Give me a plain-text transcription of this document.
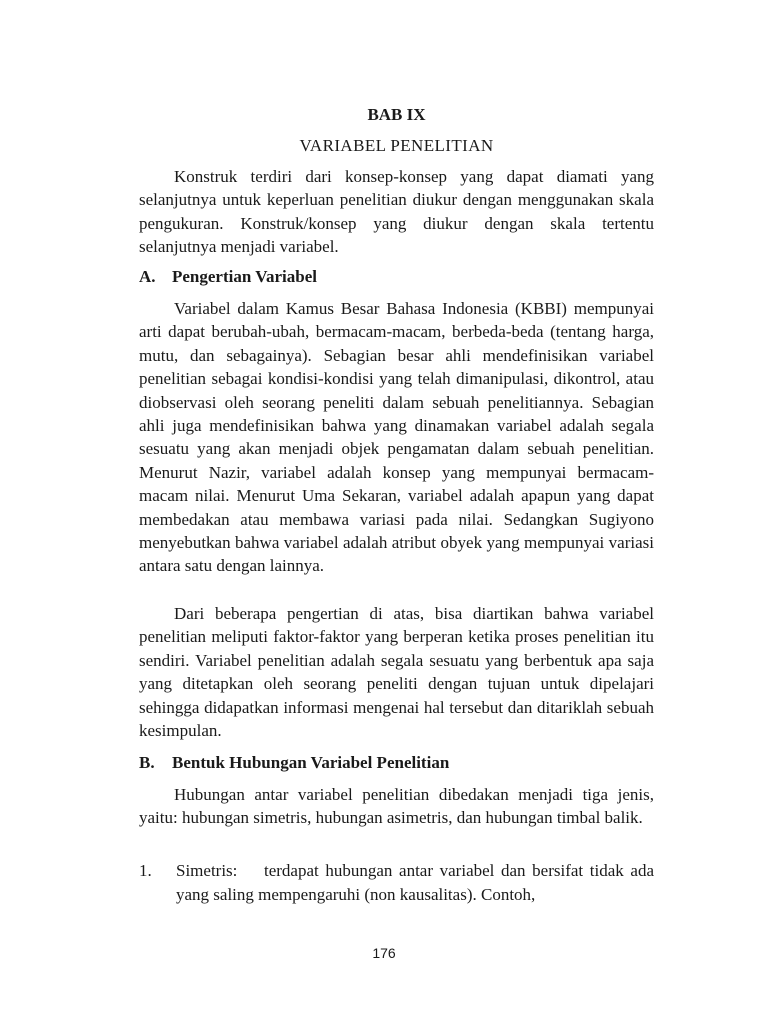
BAB IX
VARIABEL PENELITIAN

Konstruk terdiri dari konsep-konsep yang dapat diamati yang selanjutnya untuk keperluan penelitian diukur dengan menggunakan skala pengukuran. Konstruk/konsep yang diukur dengan skala tertentu selanjutnya menjadi variabel.

A. Pengertian Variabel

Variabel dalam Kamus Besar Bahasa Indonesia (KBBI) mempunyai arti dapat berubah-ubah, bermacam-macam, berbeda-beda (tentang harga, mutu, dan sebagainya). Sebagian besar ahli mendefinisikan variabel penelitian sebagai kondisi-kondisi yang telah dimanipulasi, dikontrol, atau diobservasi oleh seorang peneliti dalam sebuah penelitiannya. Sebagian ahli juga mendefinisikan bahwa yang dinamakan variabel adalah segala sesuatu yang akan menjadi objek pengamatan dalam sebuah penelitian. Menurut Nazir, variabel adalah konsep yang mempunyai bermacam-macam nilai. Menurut Uma Sekaran, variabel adalah apapun yang dapat membedakan atau membawa variasi pada nilai. Sedangkan Sugiyono menyebutkan bahwa variabel adalah atribut obyek yang mempunyai variasi antara satu dengan lainnya.

Dari beberapa pengertian di atas, bisa diartikan bahwa variabel penelitian meliputi faktor-faktor yang berperan ketika proses penelitian itu sendiri. Variabel penelitian adalah segala sesuatu yang berbentuk apa saja yang ditetapkan oleh seorang peneliti dengan tujuan untuk dipelajari sehingga didapatkan informasi mengenai hal tersebut dan ditariklah sebuah kesimpulan.

B. Bentuk Hubungan Variabel Penelitian

Hubungan antar variabel penelitian dibedakan menjadi tiga jenis, yaitu: hubungan simetris, hubungan asimetris, dan hubungan timbal balik.

1.	Simetris: terdapat hubungan antar variabel dan bersifat tidak ada yang saling mempengaruhi (non kausalitas). Contoh,
176
